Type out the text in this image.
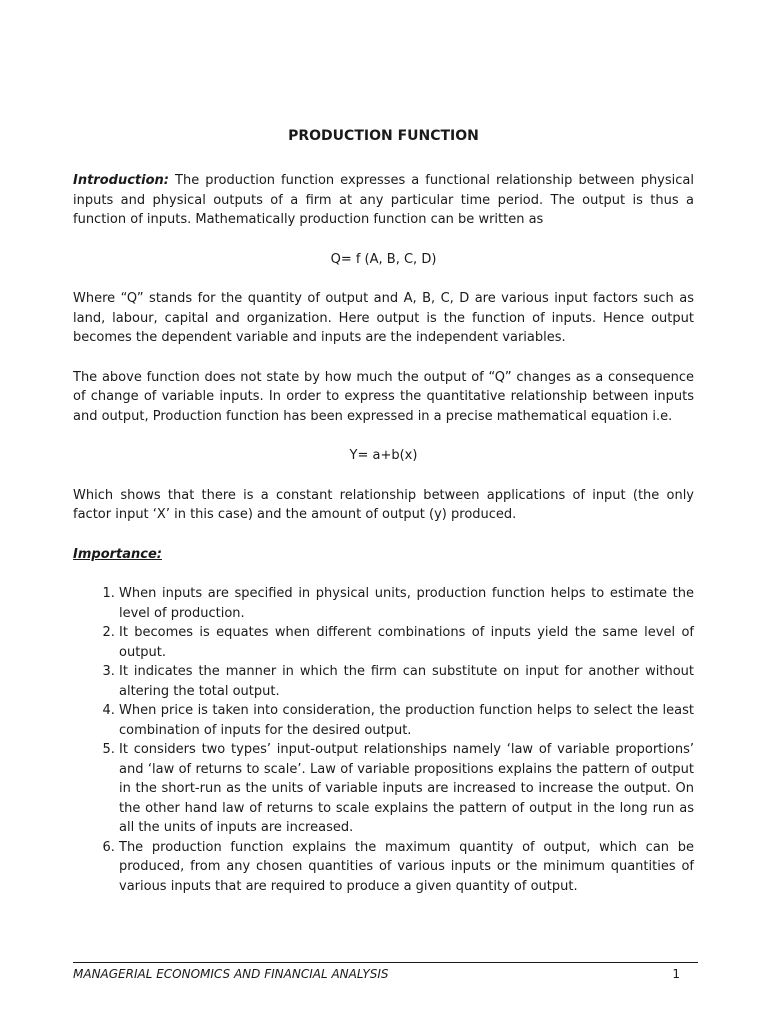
PRODUCTION FUNCTION

Introduction: The production function expresses a functional relationship between physical inputs and physical outputs of a firm at any particular time period. The output is thus a function of inputs. Mathematically production function can be written as

Q= f (A, B, C, D)

Where “Q” stands for the quantity of output and A, B, C, D are various input factors such as land, labour, capital and organization. Here output is the function of inputs. Hence output becomes the dependent variable and inputs are the independent variables.

The above function does not state by how much the output of “Q” changes as a consequence of change of variable inputs. In order to express the quantitative relationship between inputs and output, Production function has been expressed in a precise mathematical equation i.e.

Y= a+b(x)

Which shows that there is a constant relationship between applications of input (the only factor input ‘X’ in this case) and the amount of output (y) produced.

Importance:
1. When inputs are specified in physical units, production function helps to estimate the level of production.
2. It becomes is equates when different combinations of inputs yield the same level of output.
3. It indicates the manner in which the firm can substitute on input for another without altering the total output.
4. When price is taken into consideration, the production function helps to select the least combination of inputs for the desired output.
5. It considers two types’ input-output relationships namely ‘law of variable proportions’ and ‘law of returns to scale’. Law of variable propositions explains the pattern of output in the short-run as the units of variable inputs are increased to increase the output. On the other hand law of returns to scale explains the pattern of output in the long run as all the units of inputs are increased.
6. The production function explains the maximum quantity of output, which can be produced, from any chosen quantities of various inputs or the minimum quantities of various inputs that are required to produce a given quantity of output.
MANAGERIAL ECONOMICS AND FINANCIAL ANALYSIS	1
